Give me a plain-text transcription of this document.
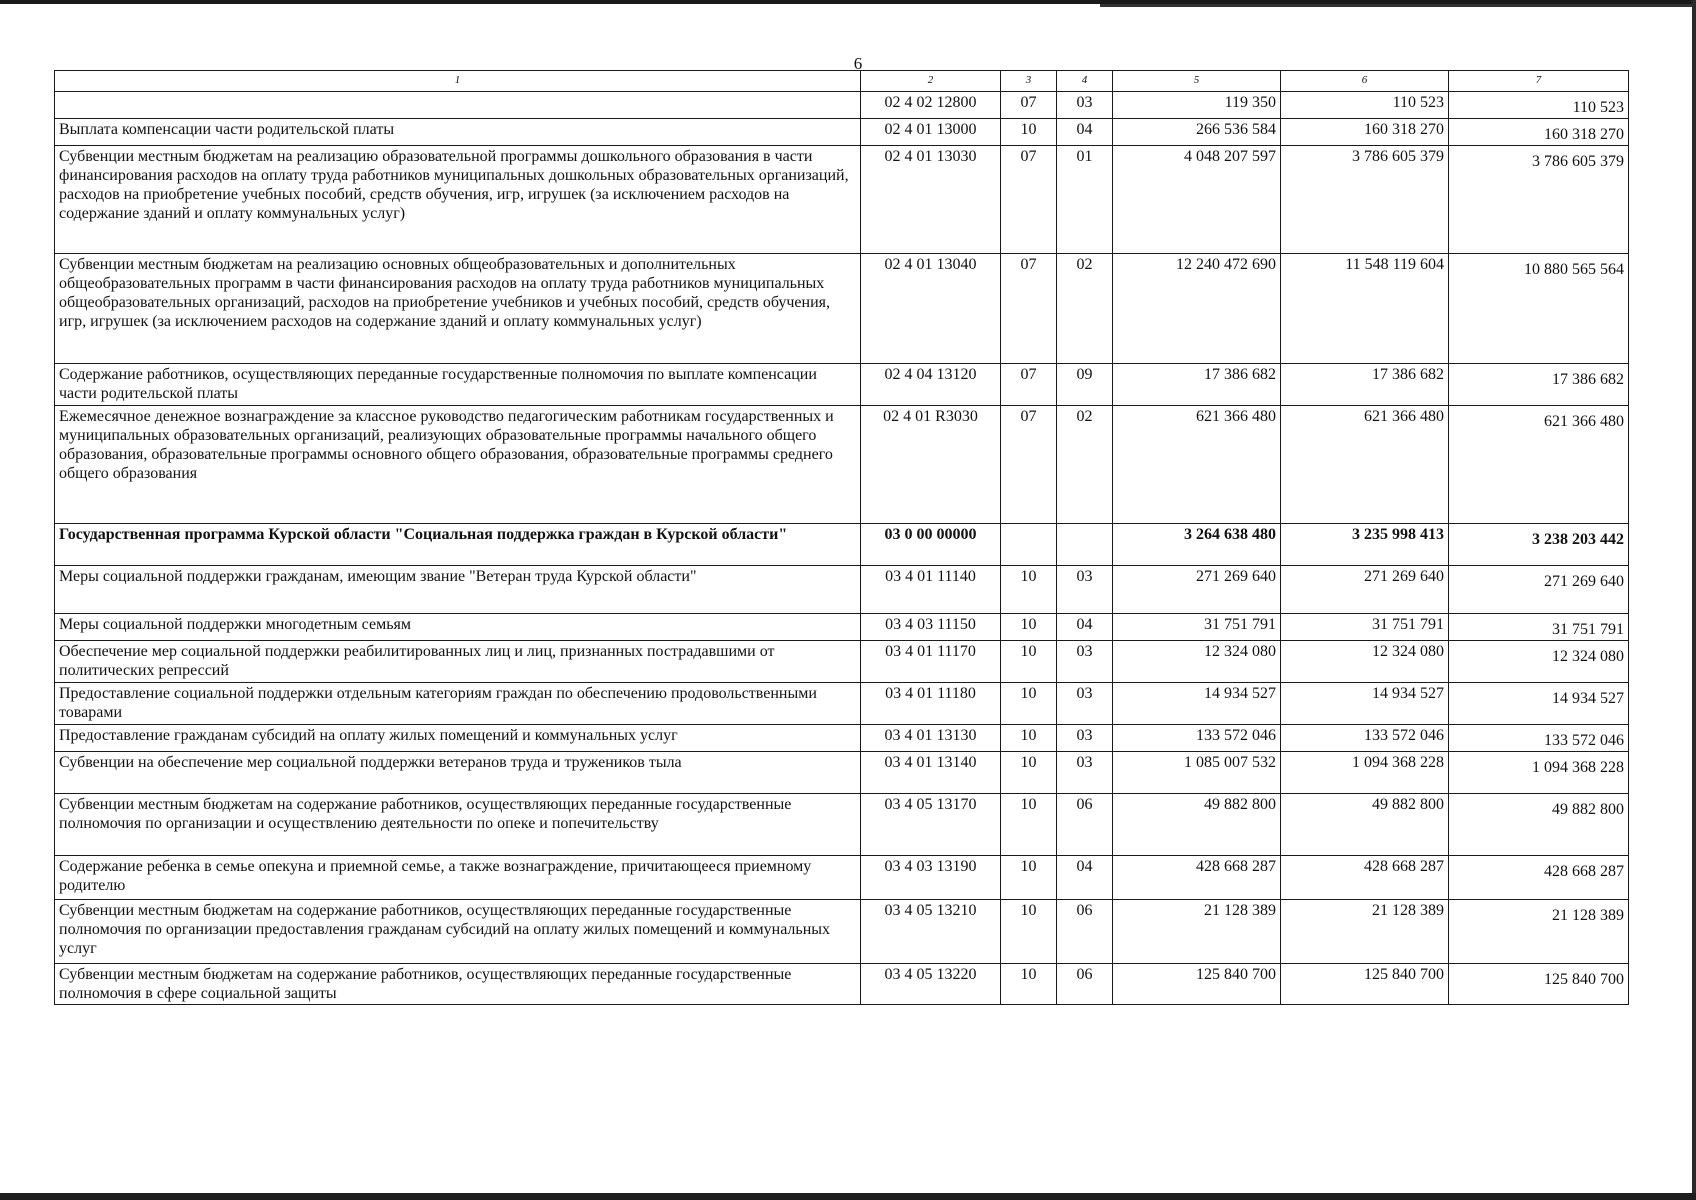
6
1	2	3	4	5	6	7
	02 4 02 12800	07	03	119 350	110 523	110 523
Выплата компенсации части родительской платы	02 4 01 13000	10	04	266 536 584	160 318 270	160 318 270
Субвенции местным бюджетам на реализацию образовательной программы дошкольного образования в части финансирования расходов на оплату труда работников муниципальных дошкольных образовательных организаций, расходов на приобретение учебных пособий, средств обучения, игр, игрушек (за исключением расходов на содержание зданий и оплату коммунальных услуг)	02 4 01 13030	07	01	4 048 207 597	3 786 605 379	3 786 605 379
Субвенции местным бюджетам на реализацию основных общеобразовательных и дополнительных общеобразовательных программ в части финансирования расходов на оплату труда работников муниципальных общеобразовательных организаций, расходов на приобретение учебников и учебных пособий, средств обучения, игр, игрушек (за исключением расходов на содержание зданий и оплату коммунальных услуг)	02 4 01 13040	07	02	12 240 472 690	11 548 119 604	10 880 565 564
Содержание работников, осуществляющих переданные государственные полномочия по выплате компенсации части родительской платы	02 4 04 13120	07	09	17 386 682	17 386 682	17 386 682
Ежемесячное денежное вознаграждение за классное руководство педагогическим работникам государственных и муниципальных образовательных организаций, реализующих образовательные программы начального общего образования, образовательные программы основного общего образования, образовательные программы среднего общего образования	02 4 01 R3030	07	02	621 366 480	621 366 480	621 366 480
Государственная программа Курской области "Социальная поддержка граждан в Курской области"	03 0 00 00000			3 264 638 480	3 235 998 413	3 238 203 442
Меры социальной поддержки гражданам, имеющим звание "Ветеран труда Курской области"	03 4 01 11140	10	03	271 269 640	271 269 640	271 269 640
Меры социальной поддержки многодетным семьям	03 4 03 11150	10	04	31 751 791	31 751 791	31 751 791
Обеспечение мер социальной поддержки реабилитированных лиц и лиц, признанных пострадавшими от политических репрессий	03 4 01 11170	10	03	12 324 080	12 324 080	12 324 080
Предоставление социальной поддержки отдельным категориям граждан по обеспечению продовольственными товарами	03 4 01 11180	10	03	14 934 527	14 934 527	14 934 527
Предоставление гражданам субсидий на оплату жилых помещений и коммунальных услуг	03 4 01 13130	10	03	133 572 046	133 572 046	133 572 046
Субвенции на обеспечение мер социальной поддержки ветеранов труда и тружеников тыла	03 4 01 13140	10	03	1 085 007 532	1 094 368 228	1 094 368 228
Субвенции местным бюджетам на содержание работников, осуществляющих переданные государственные полномочия по организации и осуществлению деятельности по опеке и попечительству	03 4 05 13170	10	06	49 882 800	49 882 800	49 882 800
Содержание ребенка в семье опекуна и приемной семье, а также вознаграждение, причитающееся приемному родителю	03 4 03 13190	10	04	428 668 287	428 668 287	428 668 287
Субвенции местным бюджетам на содержание работников, осуществляющих переданные государственные полномочия по организации предоставления гражданам субсидий на оплату жилых помещений и коммунальных услуг	03 4 05 13210	10	06	21 128 389	21 128 389	21 128 389
Субвенции местным бюджетам на содержание работников, осуществляющих переданные государственные полномочия в сфере социальной защиты	03 4 05 13220	10	06	125 840 700	125 840 700	125 840 700
